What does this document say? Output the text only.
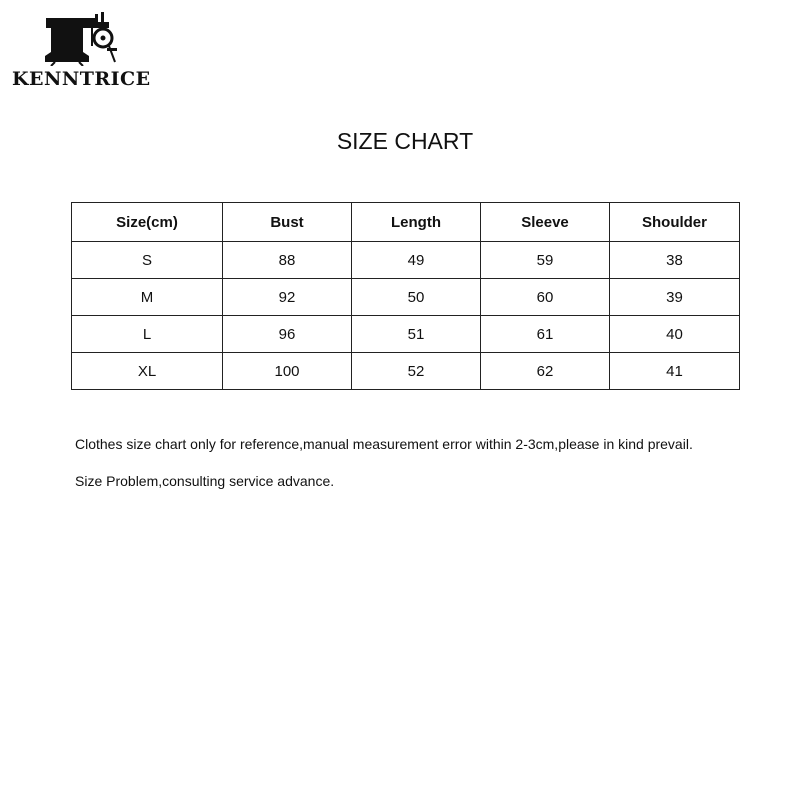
KENNTRICE
SIZE CHART
Size(cm)	Bust	Length	Sleeve	Shoulder
S	88	49	59	38
M	92	50	60	39
L	96	51	61	40
XL	100	52	62	41
Clothes size chart only for reference,manual measurement error within 2-3cm,please in kind prevail.
Size Problem,consulting service advance.
